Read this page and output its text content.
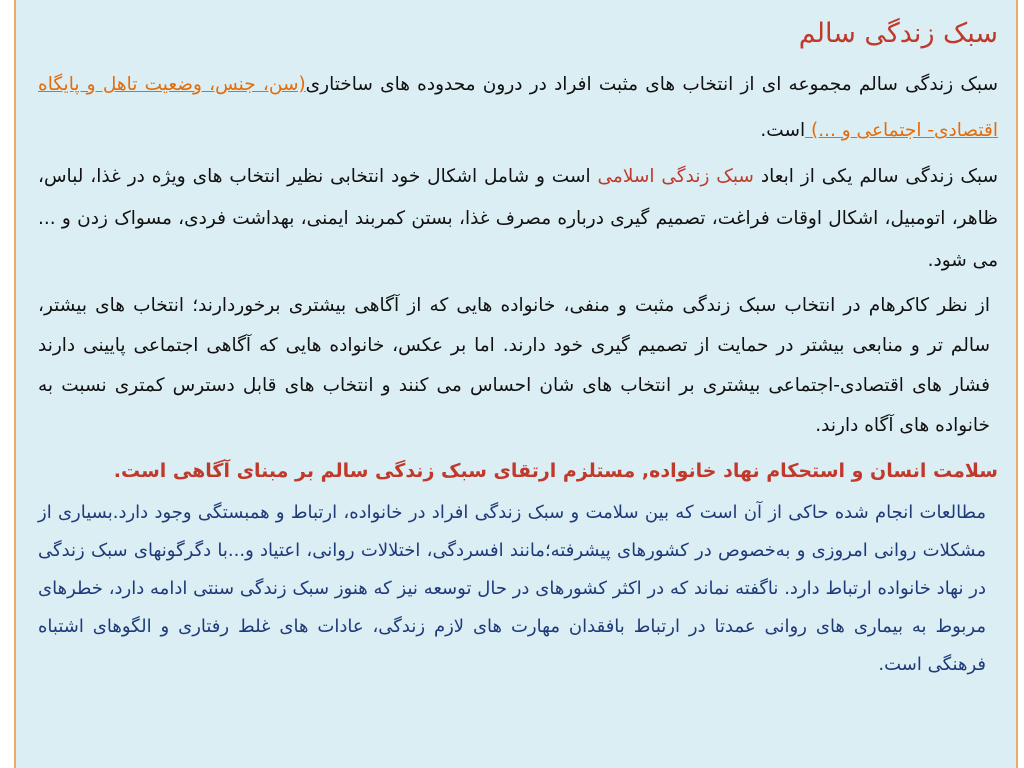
سبک زندگی سالم

سبک زندگی سالم مجموعه ای از انتخاب های مثبت افراد در درون محدوده های ساختاری(سن، جنس، وضعیت تاهل و پایگاه اقتصادی- اجتماعی و ...) است.

سبک زندگی سالم یکی از ابعاد سبک زندگی اسلامی است و شامل اشکال خود انتخابی نظیر انتخاب های ویژه در غذا، لباس، ظاهر، اتومبیل، اشکال اوقات فراغت، تصمیم گیری درباره مصرف غذا، بستن کمربند ایمنی، بهداشت فردی، مسواک زدن و ... می شود.

از نظر کاکرهام در انتخاب سبک زندگی مثبت و منفی، خانواده هایی که از آگاهی بیشتری برخوردارند؛ انتخاب های بیشتر، سالم تر و منابعی بیشتر در حمایت از تصمیم گیری خود دارند. اما بر عکس، خانواده هایی که آگاهی اجتماعی پایینی دارند فشار های اقتصادی-اجتماعی بیشتری بر انتخاب های شان احساس می کنند و انتخاب های قابل دسترس کمتری نسبت به خانواده های آگاه دارند.

سلامت انسان و استحکام نهاد خانواده, مستلزم ارتقای سبک زندگی سالم بر مبنای آگاهی است.

مطالعات انجام شده حاکی از آن است که بین سلامت و سبک زندگی افراد در خانواده، ارتباط و همبستگی وجود دارد.بسیاری از مشکلات روانی امروزی و به‌خصوص در کشورهای پیشرفته؛مانند افسردگی، اختلالات روانی، اعتیاد و...با دگرگونهای سبک زندگی در نهاد خانواده ارتباط دارد. ناگفته نماند که در اکثر کشورهای در حال توسعه نیز که هنوز سبک زندگی سنتی ادامه دارد، خطرهای مربوط به بیماری های روانی عمدتا در ارتباط بافقدان مهارت های لازم زندگی، عادات های غلط رفتاری و الگوهای اشتباه فرهنگی است.
